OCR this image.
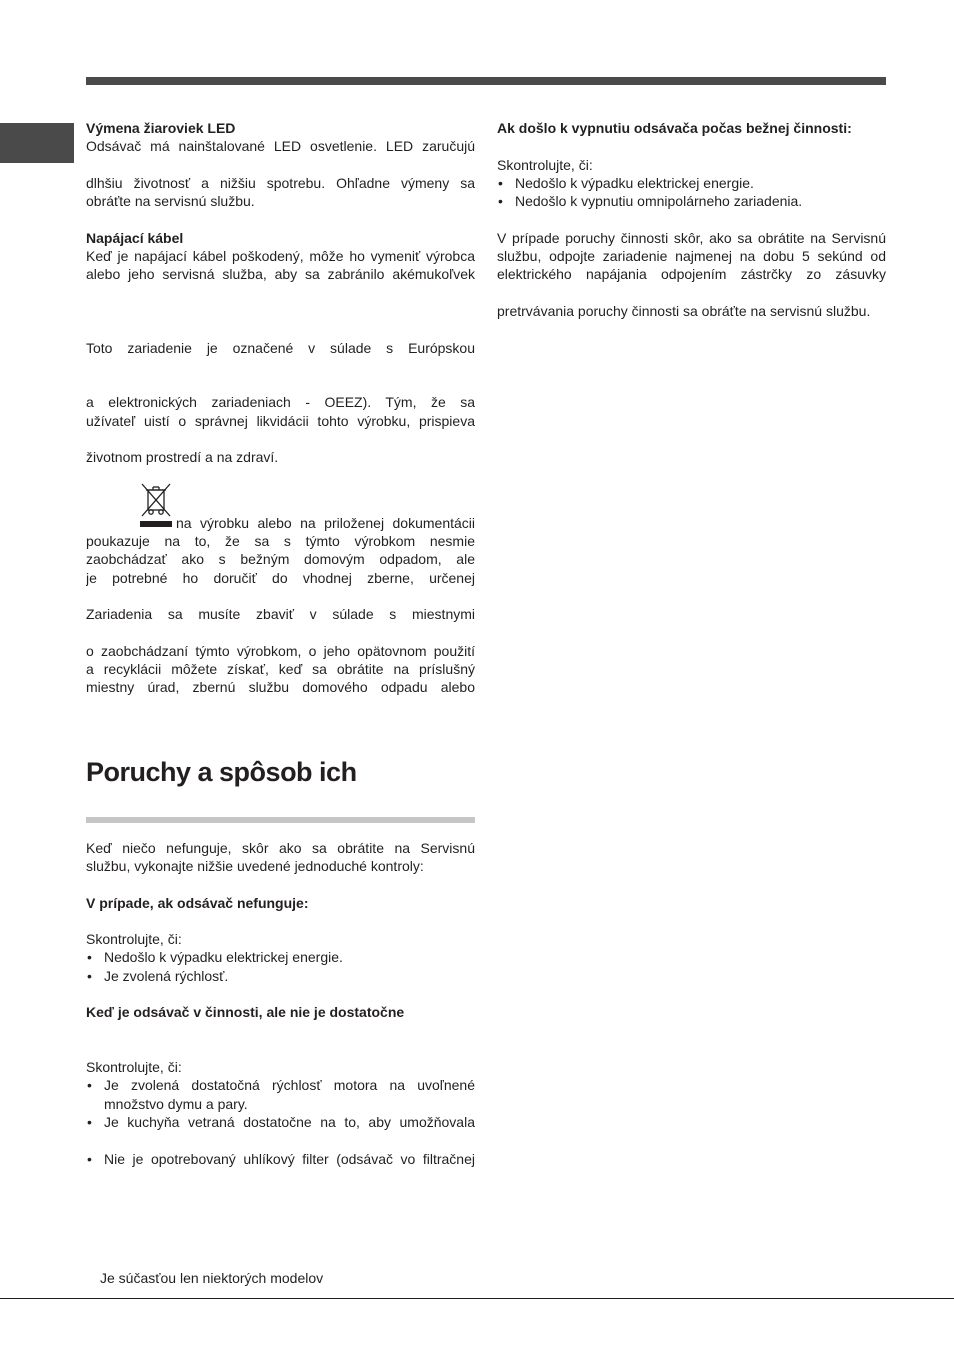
Výmena žiaroviek LED
Odsávač má nainštalované LED osvetlenie. LED zaručujú
dlhšiu životnosť a nižšiu spotrebu. Ohľadne výmeny sa
obráťte na servisnú službu.
Napájací kábel
Keď je napájací kábel poškodený, môže ho vymeniť výrobca
alebo jeho servisná služba, aby sa zabránilo akémukoľvek
Toto zariadenie je označené v súlade s Európskou
a elektronických zariadeniach - OEEZ). Tým, že sa
užívateľ uistí o správnej likvidácii tohto výrobku, prispieva
životnom prostredí a na zdraví.
poukazuje na to, že sa s týmto výrobkom nesmie
zaobchádzať ako s bežným domovým odpadom, ale
je potrebné ho doručiť do vhodnej zberne, určenej
Zariadenia sa musíte zbaviť v súlade s miestnymi
o zaobchádzaní týmto výrobkom, o jeho opätovnom použití
a recyklácii môžete získať, keď sa obrátite na príslušný
miestny úrad, zbernú službu domového odpadu alebo
Keď niečo nefunguje, skôr ako sa obrátite na Servisnú
službu, vykonajte nižšie uvedené jednoduché kontroly:
V prípade, ak odsávač nefunguje:
Skontrolujte, či:
• Nedošlo k výpadku elektrickej energie.
• Je zvolená rýchlosť.
Keď je odsávač v činnosti, ale nie je dostatočne
Skontrolujte, či:
• Je zvolená dostatočná rýchlosť motora na uvoľnené
množstvo dymu a pary.
• Je kuchyňa vetraná dostatočne na to, aby umožňovala
• Nie je opotrebovaný uhlíkový filter (odsávač vo filtračnej
na výrobku alebo na priloženej dokumentácii
Poruchy a spôsob ich
Ak došlo k vypnutiu odsávača počas bežnej činnosti:
Skontrolujte, či:
• Nedošlo k výpadku elektrickej energie.
• Nedošlo k vypnutiu omnipolárneho zariadenia.
V prípade poruchy činnosti skôr, ako sa obrátite na Servisnú
službu, odpojte zariadenie najmenej na dobu 5 sekúnd od
elektrického napájania odpojením zástrčky zo zásuvky
pretrvávania poruchy činnosti sa obráťte na servisnú službu.
Je súčasťou len niektorých modelov
